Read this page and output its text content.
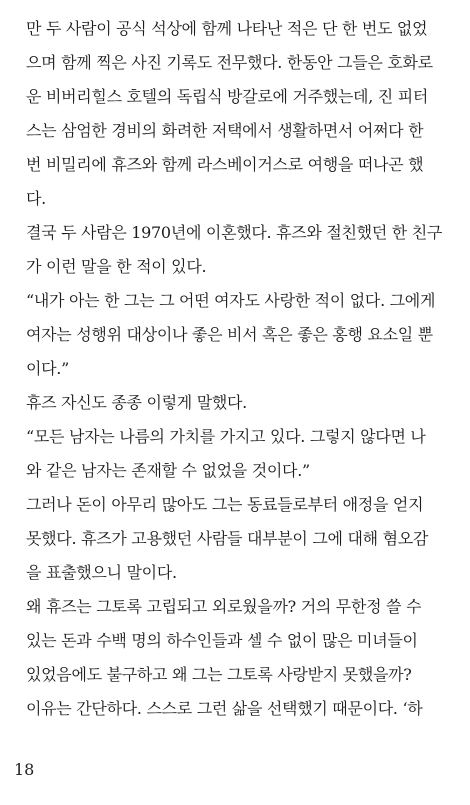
만 두 사람이 공식 석상에 함께 나타난 적은 단 한 번도 없었
으며 함께 찍은 사진 기록도 전무했다. 한동안 그들은 호화로
운 비버리힐스 호텔의 독립식 방갈로에 거주했는데, 진 피터
스는 삼엄한 경비의 화려한 저택에서 생활하면서 어쩌다 한
번 비밀리에 휴즈와 함께 라스베이거스로 여행을 떠나곤 했
다.
결국 두 사람은 1970년에 이혼했다. 휴즈와 절친했던 한 친구
가 이런 말을 한 적이 있다.
“내가 아는 한 그는 그 어떤 여자도 사랑한 적이 없다. 그에게
여자는 성행위 대상이나 좋은 비서 혹은 좋은 홍행 요소일 뿐
이다.”
휴즈 자신도 종종 이렇게 말했다.
“모든 남자는 나름의 가치를 가지고 있다. 그렇지 않다면 나
와 같은 남자는 존재할 수 없었을 것이다.”
그러나 돈이 아무리 많아도 그는 동료들로부터 애정을 얻지
못했다. 휴즈가 고용했던 사람들 대부분이 그에 대해 혐오감
을 표출했으니 말이다.
왜 휴즈는 그토록 고립되고 외로웠을까? 거의 무한정 쓸 수
있는 돈과 수백 명의 하수인들과 셀 수 없이 많은 미녀들이
있었음에도 불구하고 왜 그는 그토록 사랑받지 못했을까?
이유는 간단하다. 스스로 그런 삶을 선택했기 때문이다. ‘하
18
